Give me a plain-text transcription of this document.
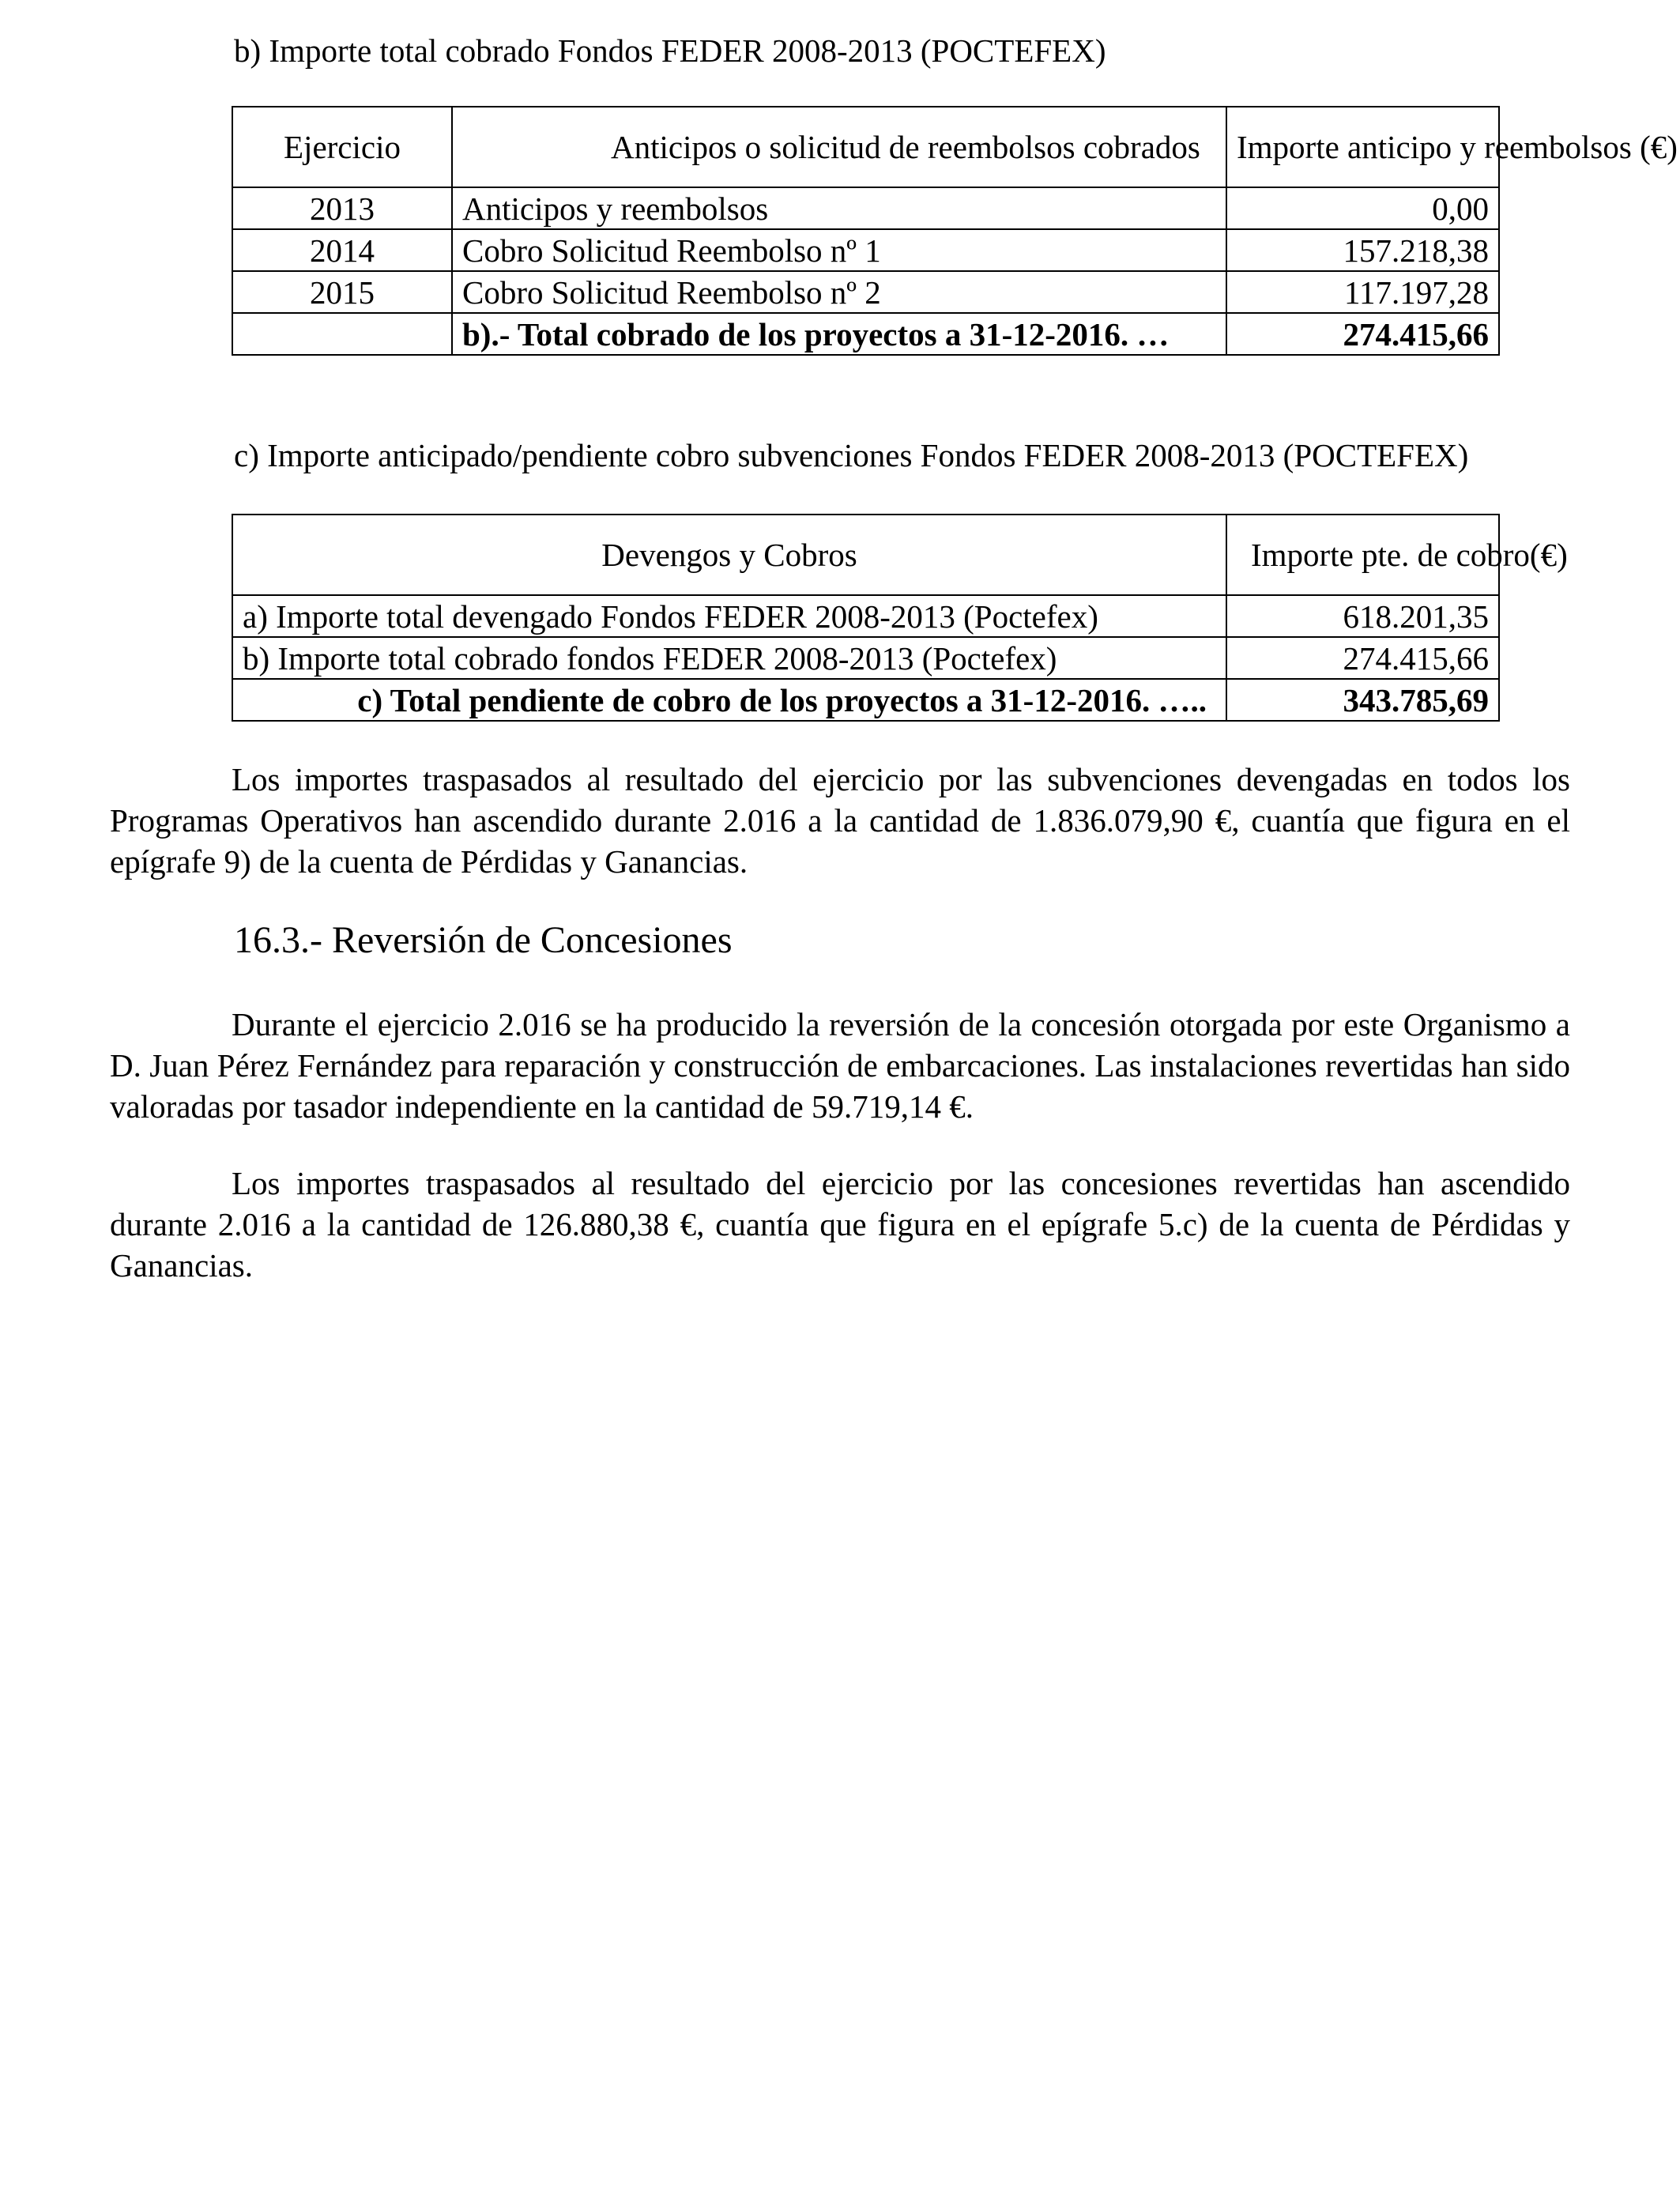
b) Importe total cobrado Fondos FEDER 2008-2013 (POCTEFEX)
Ejercicio	Anticipos o solicitud de reembolsos cobrados	Importe anticipo y reembolsos (€)
2013	Anticipos y reembolsos	0,00
2014	Cobro Solicitud Reembolso nº 1	157.218,38
2015	Cobro Solicitud Reembolso nº 2	117.197,28
	b).- Total cobrado de los proyectos a 31-12-2016. …	274.415,66
c) Importe anticipado/pendiente cobro subvenciones Fondos FEDER 2008-2013 (POCTEFEX)
Devengos y Cobros	Importe pte. de cobro(€)
a) Importe total devengado Fondos FEDER 2008-2013 (Poctefex)	618.201,35
b) Importe total cobrado fondos FEDER 2008-2013 (Poctefex)	274.415,66
c) Total pendiente de cobro de los proyectos a 31-12-2016. …..	343.785,69

Los importes traspasados al resultado del ejercicio por las subvenciones devengadas en todos los Programas Operativos han ascendido durante 2.016 a la cantidad de 1.836.079,90 €, cuantía que figura en el epígrafe 9) de la cuenta de Pérdidas y Ganancias.

16.3.- Reversión de Concesiones

Durante el ejercicio 2.016 se ha producido la reversión de la concesión otorgada por este Organismo a D. Juan Pérez Fernández para reparación y construcción de embarcaciones. Las instalaciones revertidas han sido valoradas por tasador independiente en la cantidad de 59.719,14 €.

Los importes traspasados al resultado del ejercicio por las concesiones revertidas han ascendido durante 2.016 a la cantidad de 126.880,38 €, cuantía que figura en el epígrafe 5.c) de la cuenta de Pérdidas y Ganancias.
